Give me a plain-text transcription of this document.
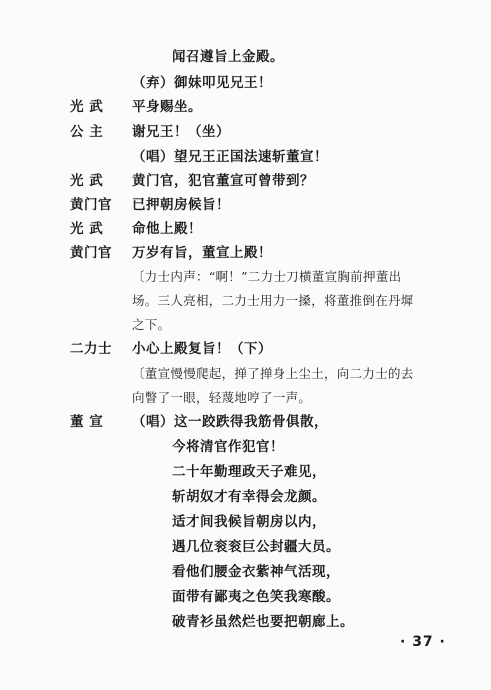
闻召遵旨上金殿。
（弃）御妹叩见兄王！
光 武 平身赐坐。
公 主 谢兄王！（坐）
（唱）望兄王正国法速斩董宣！
光 武 黄门官，犯官董宣可曾带到？
黄门官 已押朝房候旨！
光 武 命他上殿！
黄门官 万岁有旨，董宣上殿！
〔力士内声：“啊！”二力士刀横董宣胸前押董出
场。三人亮相，二力士用力一搡，将董推倒在丹墀
之下。
二力士 小心上殿复旨！（下）
〔董宣慢慢爬起，掸了掸身上尘土，向二力士的去
向瞥了一眼，轻蔑地哼了一声。
董 宣 （唱）这一跤跌得我筋骨俱散，
今将清官作犯官！
二十年勤理政天子难见，
斩胡奴才有幸得会龙颜。
适才间我候旨朝房以内，
遇几位衮衮巨公封疆大员。
看他们腰金衣紫神气活现，
面带有鄙夷之色笑我寒酸。
破青衫虽然烂也要把朝廊上。
· 37 ·
